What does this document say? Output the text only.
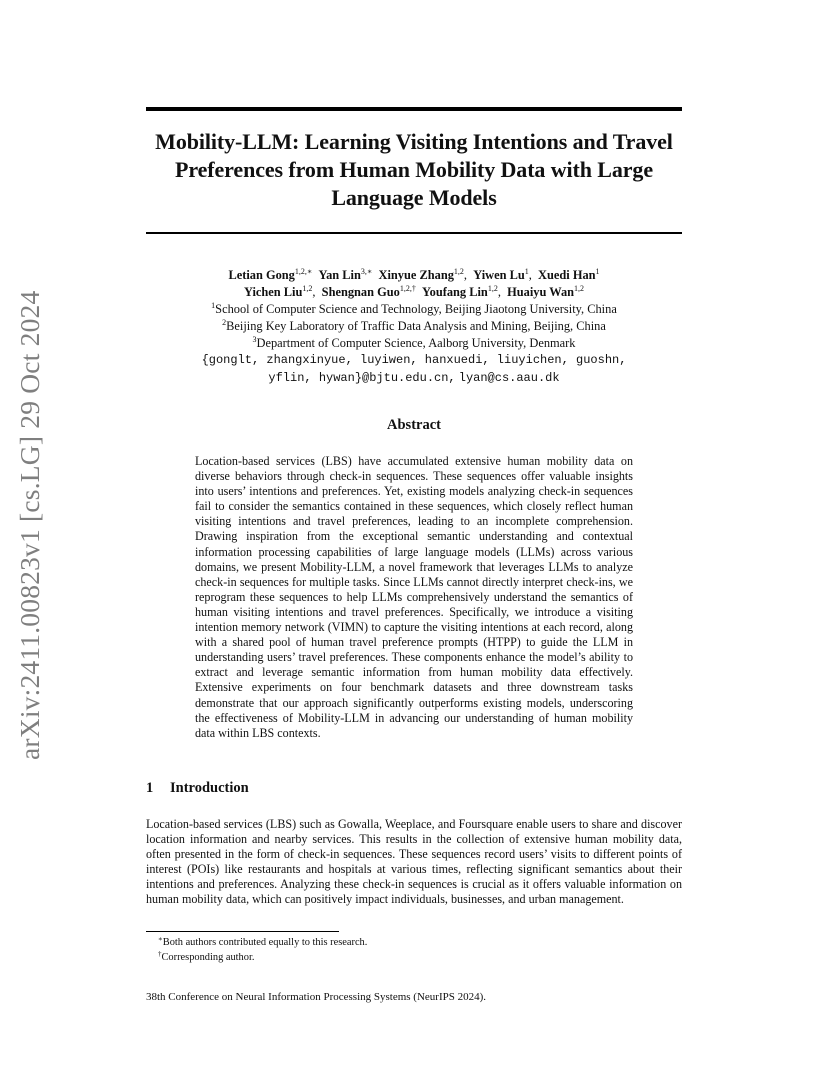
arXiv:2411.00823v1 [cs.LG] 29 Oct 2024
Mobility-LLM: Learning Visiting Intentions and Travel Preferences from Human Mobility Data with Large Language Models
Letian Gong$^{1,2,∗}$ Yan Lin$^{3,∗}$ Xinyue Zhang$^{1,2}$,  Yiwen Lu$^1$,  Xuedi Han$^1$
Yichen Liu$^{1,2}$,  Shengnan Guo$^{1,2,\dagger}$ Youfang Lin$^{1,2}$,  Huaiyu Wan$^{1,2}$
$^1$School of Computer Science and Technology, Beijing Jiaotong University, China
$^2$Beijing Key Laboratory of Traffic Data Analysis and Mining, Beijing, China
$^3$Department of Computer Science, Aalborg University, Denmark
{gonglt, zhangxinyue, luyiwen, hanxuedi, liuyichen, guoshn,
yflin, hywan}@bjtu.edu.cn, lyan@cs.aau.dk
Abstract
Location-based services (LBS) have accumulated extensive human mobility data on diverse behaviors through check-in sequences. These sequences offer valuable insights into users’ intentions and preferences. Yet, existing models analyzing check-in sequences fail to consider the semantics contained in these sequences, which closely reflect human visiting intentions and travel preferences, leading to an incomplete comprehension. Drawing inspiration from the exceptional semantic understanding and contextual information processing capabilities of large language models (LLMs) across various domains, we present Mobility-LLM, a novel framework that leverages LLMs to analyze check-in sequences for multiple tasks. Since LLMs cannot directly interpret check-ins, we reprogram these sequences to help LLMs comprehensively understand the semantics of human visiting intentions and travel preferences. Specifically, we introduce a visiting intention memory network (VIMN) to capture the visiting intentions at each record, along with a shared pool of human travel preference prompts (HTPP) to guide the LLM in understanding users’ travel preferences. These components enhance the model’s ability to extract and leverage semantic information from human mobility data effectively. Extensive experiments on four benchmark datasets and three downstream tasks demonstrate that our approach significantly outperforms existing models, underscoring the effectiveness of Mobility-LLM in advancing our understanding of human mobility data within LBS contexts.
1 Introduction
Location-based services (LBS) such as Gowalla, Weeplace, and Foursquare enable users to share and discover location information and nearby services. This results in the collection of extensive human mobility data, often presented in the form of check-in sequences. These sequences record users’ visits to different points of interest (POIs) like restaurants and hospitals at various times, reflecting significant semantics about their intentions and preferences. Analyzing these check-in sequences is crucial as it offers valuable information on human mobility data, which can positively impact individuals, businesses, and urban management.
∗Both authors contributed equally to this research.
†Corresponding author.
38th Conference on Neural Information Processing Systems (NeurIPS 2024).
